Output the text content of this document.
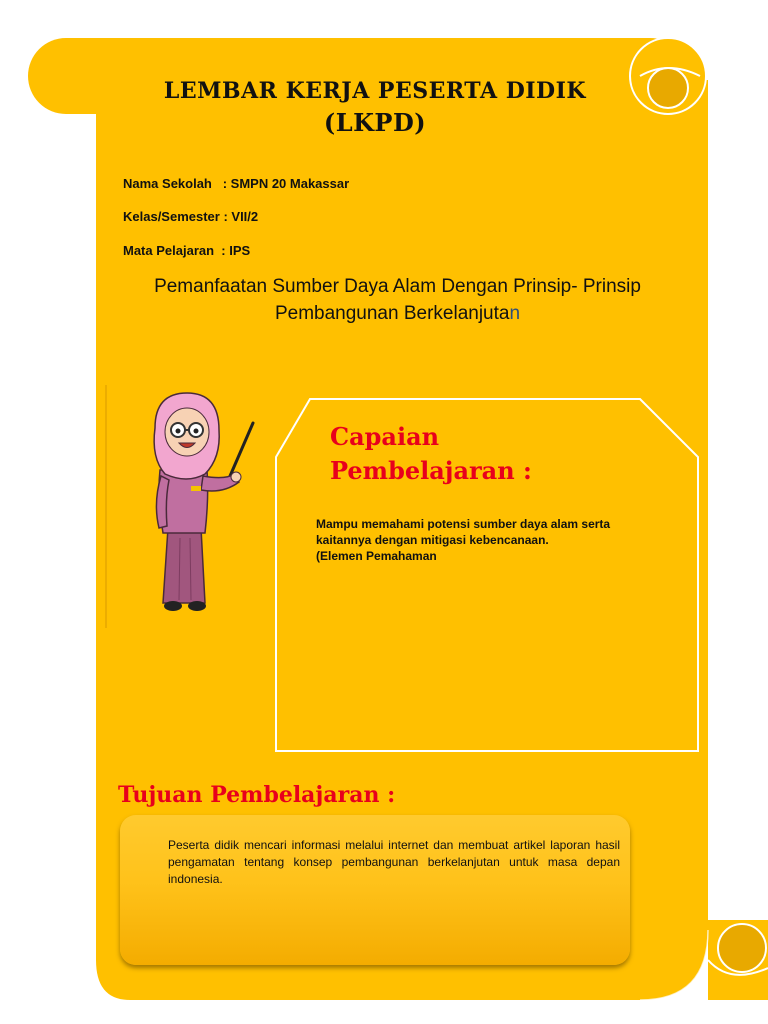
LEMBAR KERJA PESERTA DIDIK
(LKPD)
Nama Sekolah   : SMPN 20 Makassar
Kelas/Semester : VII/2
Mata Pelajaran  : IPS

Pemanfaatan Sumber Daya Alam Dengan Prinsip- Prinsip
Pembangunan Berkelanjutan

Capaian
Pembelajaran :
Mampu memahami potensi sumber daya alam serta
kaitannya dengan mitigasi kebencanaan.
(Elemen Pemahaman
Tujuan Pembelajaran :
Peserta didik mencari informasi melalui internet dan membuat artikel laporan hasil pengamatan tentang konsep pembangunan berkelanjutan untuk masa depan indonesia.
